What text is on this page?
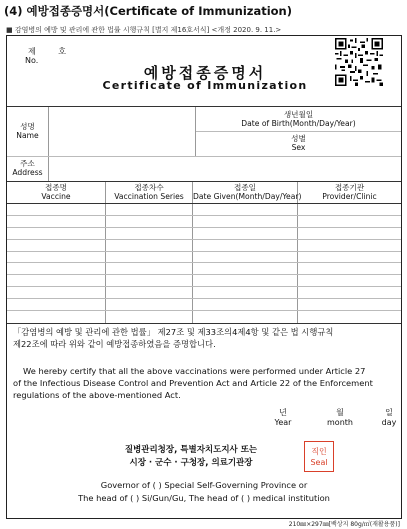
(4) 예방접종증명서(Certificate of Immunization)
■ 감염병의 예방 및 관리에 관한 법률 시행규칙 [별지 제16호서식] <개정 2020. 9. 11.>
제 호
No.
예방접종증명서
Certificate of Immunization
성명
Name
생년월일
Date of Birth(Month/Day/Year)
성별
Sex
주소
Address
접종명
Vaccine
접종차수
Vaccination Series
접종일
Date Given(Month/Day/Year)
접종기관
Provider/Clinic
「감염병의 예방 및 관리에 관한 법률」 제27조 및 제33조의4제4항 및 같은 법 시행규칙
제22조에 따라 위와 같이 예방접종하였음을 증명합니다.
We hereby certify that all the above vaccinations were performed under Article 27
of the Infectious Disease Control and Prevention Act and Article 22 of the Enforcement
regulations of the above-mentioned Act.
년
Year
월
month
일
day
질병관리청장, 특별자치도지사 또는
시장 · 군수 · 구청장, 의료기관장
직인
Seal
Governor of ( ) Special Self-Governing Province or
The head of ( ) Si/Gun/Gu, The head of ( ) medical institution
210㎜×297㎜[백상지 80g/㎡(재활용품)]
